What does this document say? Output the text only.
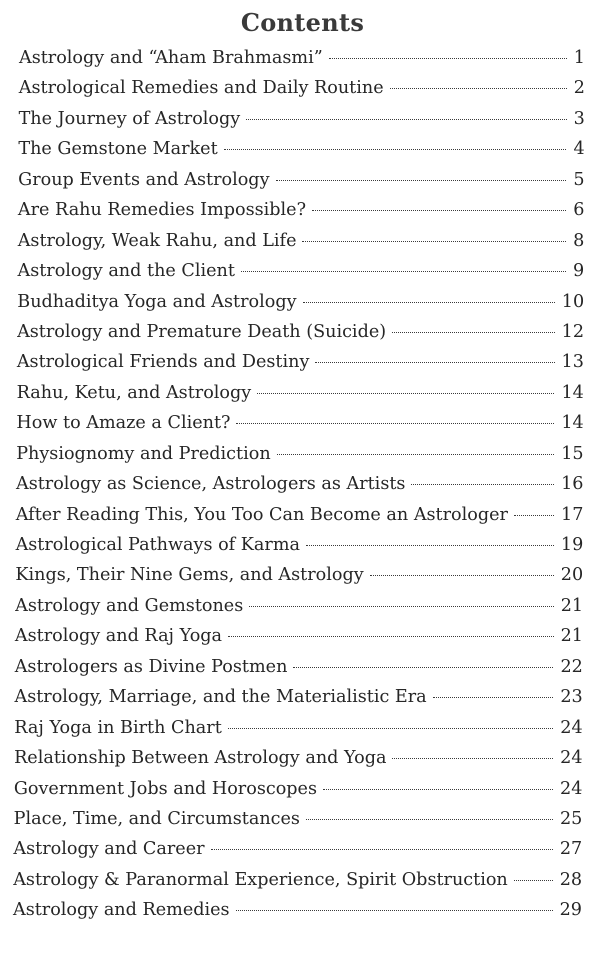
Contents
Astrology and “Aham Brahmasmi”	1
Astrological Remedies and Daily Routine	2
The Journey of Astrology	3
The Gemstone Market	4
Group Events and Astrology	5
Are Rahu Remedies Impossible?	6
Astrology, Weak Rahu, and Life	8
Astrology and the Client	9
Budhaditya Yoga and Astrology	10
Astrology and Premature Death (Suicide)	12
Astrological Friends and Destiny	13
Rahu, Ketu, and Astrology	14
How to Amaze a Client?	14
Physiognomy and Prediction	15
Astrology as Science, Astrologers as Artists	16
After Reading This, You Too Can Become an Astrologer	17
Astrological Pathways of Karma	19
Kings, Their Nine Gems, and Astrology	20
Astrology and Gemstones	21
Astrology and Raj Yoga	21
Astrologers as Divine Postmen	22
Astrology, Marriage, and the Materialistic Era	23
Raj Yoga in Birth Chart	24
Relationship Between Astrology and Yoga	24
Government Jobs and Horoscopes	24
Place, Time, and Circumstances	25
Astrology and Career	27
Astrology & Paranormal Experience, Spirit Obstruction	28
Astrology and Remedies	29
